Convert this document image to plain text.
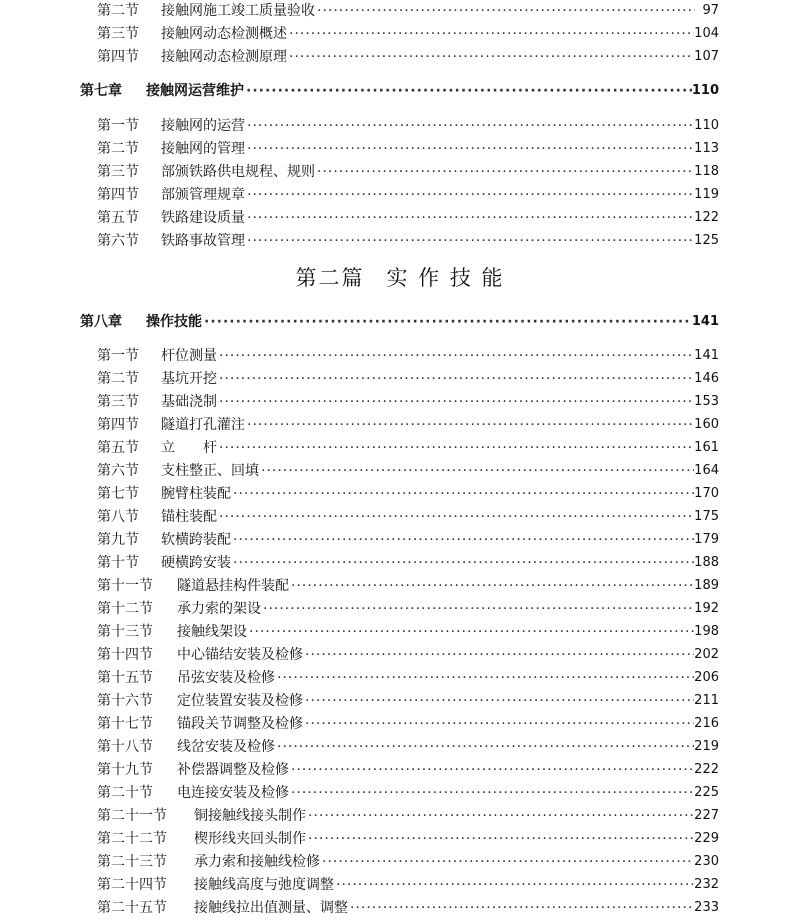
第二节	接触网施工竣工质量验收 ·····	97
第三节	接触网动态检测概述 ·····	104
第四节	接触网动态检测原理 ·····	107
第七章	接触网运营维护 ·····	110
第一节	接触网的运营 ·····	110
第二节	接触网的管理 ·····	113
第三节	部颁铁路供电规程、规则 ·····	118
第四节	部颁管理规章 ·····	119
第五节	铁路建设质量 ·····	122
第六节	铁路事故管理 ·····	125
第二篇 实 作 技 能
第八章	操作技能 ·····	141
第一节	杆位测量 ·····	141
第二节	基坑开挖 ·····	146
第三节	基础浇制 ·····	153
第四节	隧道打孔灌注 ·····	160
第五节	立　　杆 ·····	161
第六节	支柱整正、回填 ·····	164
第七节	腕臂柱装配 ·····	170
第八节	锚柱装配 ·····	175
第九节	软横跨装配 ·····	179
第十节	硬横跨安装 ·····	188
第十一节	隧道悬挂构件装配 ·····	189
第十二节	承力索的架设 ·····	192
第十三节	接触线架设 ·····	198
第十四节	中心锚结安装及检修 ·····	202
第十五节	吊弦安装及检修 ·····	206
第十六节	定位装置安装及检修 ·····	211
第十七节	锚段关节调整及检修 ·····	216
第十八节	线岔安装及检修 ·····	219
第十九节	补偿器调整及检修 ·····	222
第二十节	电连接安装及检修 ·····	225
第二十一节	铜接触线接头制作 ·····	227
第二十二节	楔形线夹回头制作 ·····	229
第二十三节	承力索和接触线检修 ·····	230
第二十四节	接触线高度与弛度调整 ·····	232
第二十五节	接触线拉出值测量、调整 ·····	233
